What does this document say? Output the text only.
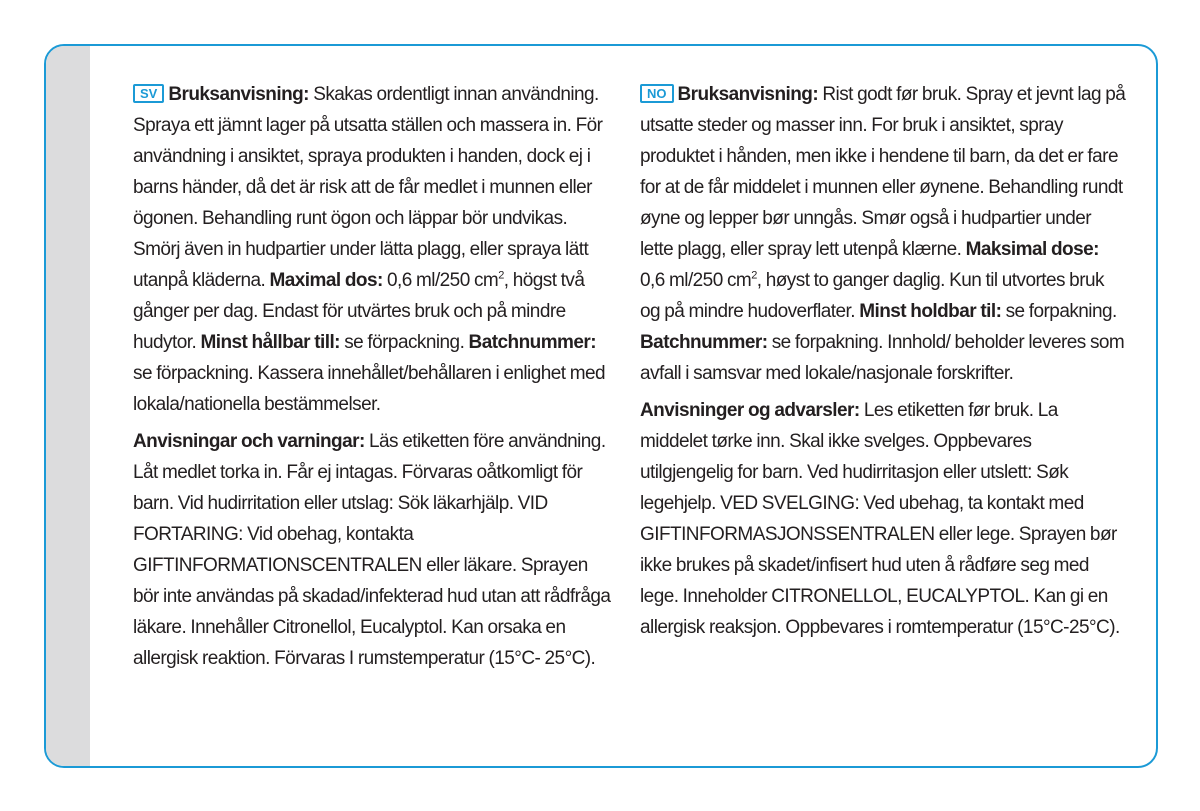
SV Bruksanvisning: Skakas ordentligt innan användning. Spraya ett jämnt lager på utsatta ställen och massera in. För användning i ansiktet, spraya produkten i handen, dock ej i barns händer, då det är risk att de får medlet i munnen eller ögonen. Behandling runt ögon och läppar bör undvikas. Smörj även in hudpartier under lätta plagg, eller spraya lätt utanpå kläderna. Maximal dos: 0,6 ml/250 $cm^2$, högst två gånger per dag. Endast för utvärtes bruk och på mindre hudytor. Minst hållbar till: se förpackning. Batchnummer: se förpackning. Kassera innehållet/behållaren i enlighet med lokala/nationella bestämmelser.

Anvisningar och varningar: Läs etiketten före användning. Låt medlet torka in. Får ej intagas. Förvaras oåtkomligt för barn. Vid hudirritation eller utslag: Sök läkarhjälp. VID FORTARING: Vid obehag, kontakta GIFTINFORMATIONSCENTRALEN eller läkare. Sprayen bör inte användas på skadad/infekterad hud utan att rådfråga läkare. Innehåller Citronellol, Eucalyptol. Kan orsaka en allergisk reaktion. Förvaras I rumstemperatur (15°C- 25°C).

NO Bruksanvisning: Rist godt før bruk. Spray et jevnt lag på utsatte steder og masser inn. For bruk i ansiktet, spray produktet i hånden, men ikke i hendene til barn, da det er fare for at de får middelet i munnen eller øynene. Behandling rundt øyne og lepper bør unngås. Smør også i hudpartier under lette plagg, eller spray lett utenpå klærne. Maksimal dose: 0,6 ml/250 $cm^2$, høyst to ganger daglig. Kun til utvortes bruk og på mindre hudoverflater. Minst holdbar til: se forpakning. Batchnummer: se forpakning. Innhold/ beholder leveres som avfall i samsvar med lokale/nasjonale forskrifter.

Anvisninger og advarsler: Les etiketten før bruk. La middelet tørke inn. Skal ikke svelges. Oppbevares utilgjengelig for barn. Ved hudirritasjon eller utslett: Søk legehjelp. VED SVELGING: Ved ubehag, ta kontakt med GIFTINFORMASJONSSENTRALEN eller lege. Sprayen bør ikke brukes på skadet/infisert hud uten å rådføre seg med lege. Inneholder CITRONELLOL, EUCALYPTOL. Kan gi en allergisk reaksjon. Oppbevares i romtemperatur (15°C-25°C).
